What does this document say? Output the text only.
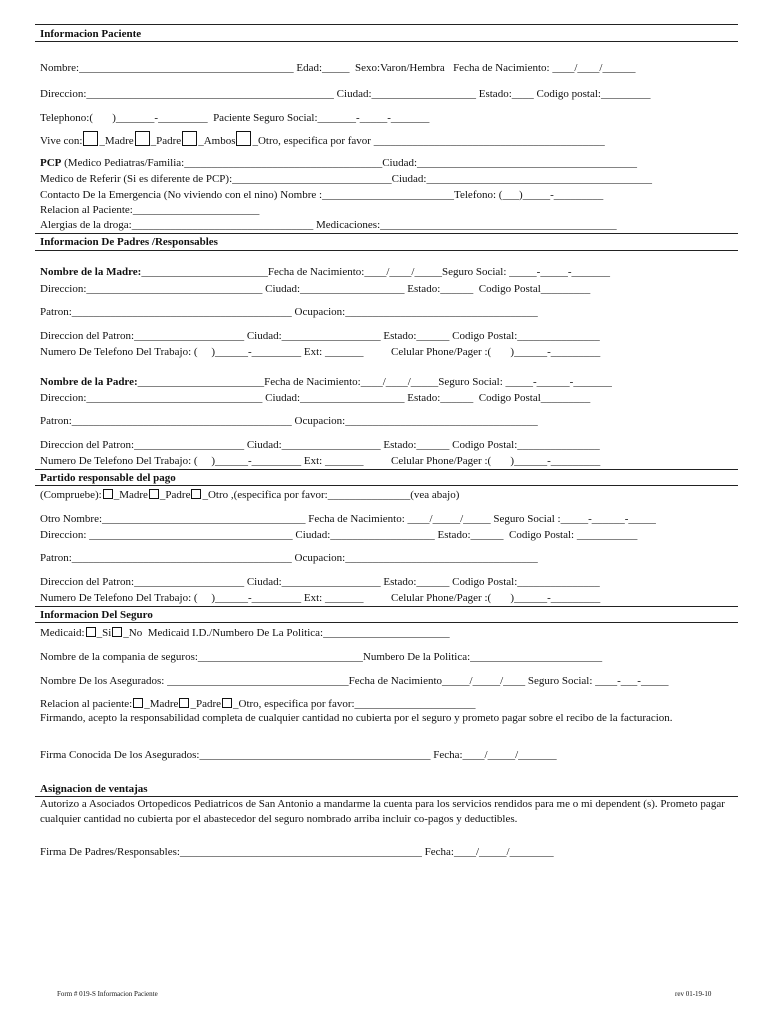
Informacion Paciente
Nombre:_______________________________________ Edad:_____  Sexo:Varon/Hembra   Fecha de Nacimiento: ____/____/______
Direccion:_____________________________________________ Ciudad:___________________ Estado:____ Codigo postal:_________
Telephono:(       )_______-_________  Paciente Seguro Social:_______-_____-_______
Vive con: _Madre _Padre _Ambos _Otro, especifica por favor __________________________________________
PCP (Medico Pediatras/Familia:____________________________________Ciudad:________________________________________
Medico de Referir (Si es diferente de PCP):_____________________________Ciudad:_________________________________________
Contacto De la Emergencia (No viviendo con el nino) Nombre :________________________Telefono: (___)_____-_________
Relacion al Paciente:_______________________
Alergias de la droga:_________________________________ Medicaciones:___________________________________________
Informacion De Padres /Responsables
Nombre de la Madre:_______________________Fecha de Nacimiento:____/____/_____Seguro Social: _____-_____-_______
Direccion:________________________________ Ciudad:___________________ Estado:______  Codigo Postal_________
Patron:________________________________________ Ocupacion:___________________________________
Direccion del Patron:____________________ Ciudad:__________________ Estado:______ Codigo Postal:_______________
Numero De Telefono Del Trabajo: (     )______-_________ Ext: _______          Celular Phone/Pager :(       )______-_________
Nombre de la Padre:_______________________Fecha de Nacimiento:____/____/_____Seguro Social: _____-______-_______
Direccion:________________________________ Ciudad:___________________ Estado:______  Codigo Postal_________
Patron:________________________________________ Ocupacion:___________________________________
Direccion del Patron:____________________ Ciudad:__________________ Estado:______ Codigo Postal:_______________
Numero De Telefono Del Trabajo: (     )______-_________ Ext: _______          Celular Phone/Pager :(       )______-_________
Partido responsable del pago
(Compruebe): _Madre _Padre _Otro ,(especifica por favor:_______________(vea abajo)
Otro Nombre:_____________________________________ Fecha de Nacimiento: ____/_____/_____ Seguro Social :_____-______-_____
Direccion: _____________________________________ Ciudad:___________________ Estado:______  Codigo Postal: ___________
Patron:________________________________________ Ocupacion:___________________________________
Direccion del Patron:____________________ Ciudad:__________________ Estado:______ Codigo Postal:_______________
Numero De Telefono Del Trabajo: (     )______-_________ Ext: _______          Celular Phone/Pager :(       )______-_________
Informacion Del Seguro
Medicaid: _Si _No  Medicaid I.D./Numbero De La Politica:_______________________
Nombre de la compania de seguros:______________________________Numbero De la Politica:________________________
Nombre De los Asegurados: _________________________________Fecha de Nacimiento_____/_____/____ Seguro Social: ____-___-_____
Relacion al paciente: _Madre _Padre _Otro, especifica por favor:______________________
Firmando, acepto la responsabilidad completa de cualquier cantidad no cubierta por el seguro y prometo pagar sobre el recibo de la facturacion.
Firma Conocida De los Asegurados:__________________________________________ Fecha:____/_____/_______
Asignacion de ventajas
Autorizo a Asociados Ortopedicos Pediatricos de San Antonio a mandarme la cuenta para los servicios rendidos para me o mi dependent (s). Prometo pagar cualquier cantidad no cubierta por el abastecedor del seguro nombrado arriba incluir co-pagos y deductibles.
Firma De Padres/Responsables:____________________________________________ Fecha:____/_____/________
Form # 019-S Informacion Paciente	rev 01-19-10
